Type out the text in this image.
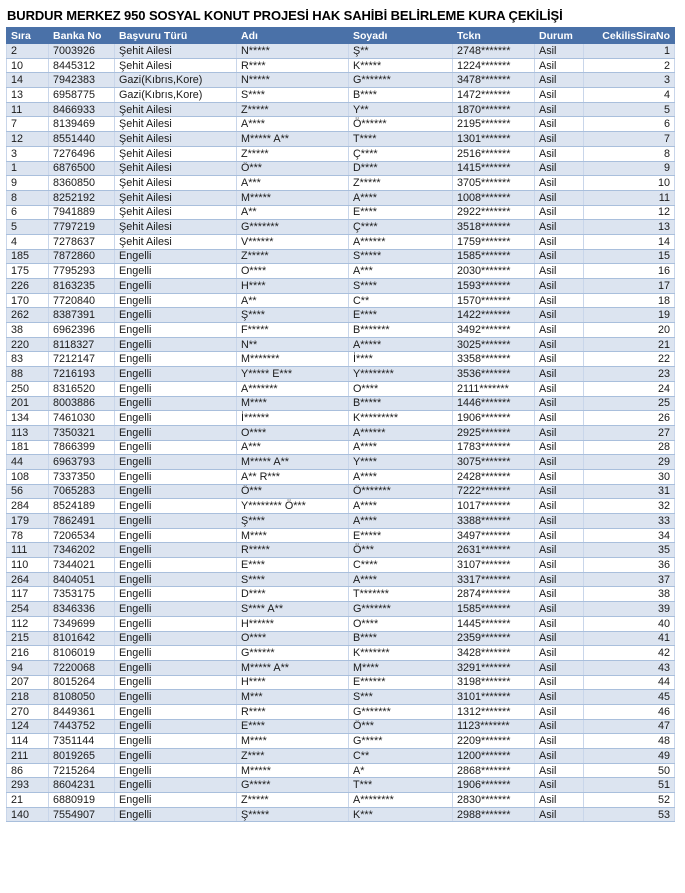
BURDUR MERKEZ 950 SOSYAL KONUT PROJESİ HAK SAHİBİ BELİRLEME KURA ÇEKİLİŞİ
Sıra	Banka No	Başvuru Türü	Adı	Soyadı	Tckn	Durum	CekilisSiraNo
2	7003926	Şehit Ailesi	N*****	Ş**	2748*******	Asil	1
10	8445312	Şehit Ailesi	R****	K*****	1224*******	Asil	2
14	7942383	Gazi(Kıbrıs,Kore)	N*****	G*******	3478*******	Asil	3
13	6958775	Gazi(Kıbrıs,Kore)	S****	B****	1472*******	Asil	4
11	8466933	Şehit Ailesi	Z*****	Y**	1870*******	Asil	5
7	8139469	Şehit Ailesi	A****	Ö******	2195*******	Asil	6
12	8551440	Şehit Ailesi	M***** A**	T****	1301*******	Asil	7
3	7276496	Şehit Ailesi	Z*****	Ç****	2516*******	Asil	8
1	6876500	Şehit Ailesi	Ö***	D****	1415*******	Asil	9
9	8360850	Şehit Ailesi	A***	Z*****	3705*******	Asil	10
8	8252192	Şehit Ailesi	M*****	A****	1008*******	Asil	11
6	7941889	Şehit Ailesi	A**	E****	2922*******	Asil	12
5	7797219	Şehit Ailesi	G*******	Ç****	3518*******	Asil	13
4	7278637	Şehit Ailesi	V******	A******	1759*******	Asil	14
185	7872860	Engelli	Z*****	S*****	1585*******	Asil	15
175	7795293	Engelli	O****	A***	2030*******	Asil	16
226	8163235	Engelli	H****	S****	1593*******	Asil	17
170	7720840	Engelli	A**	C**	1570*******	Asil	18
262	8387391	Engelli	Ş****	E****	1422*******	Asil	19
38	6962396	Engelli	F*****	B*******	3492*******	Asil	20
220	8118327	Engelli	N**	A*****	3025*******	Asil	21
83	7212147	Engelli	M*******	İ****	3358*******	Asil	22
88	7216193	Engelli	Y***** E***	Y********	3536*******	Asil	23
250	8316520	Engelli	A*******	O****	2111*******	Asil	24
201	8003886	Engelli	M****	B*****	1446*******	Asil	25
134	7461030	Engelli	İ******	K*********	1906*******	Asil	26
113	7350321	Engelli	O****	A******	2925*******	Asil	27
181	7866399	Engelli	A***	A****	1783*******	Asil	28
44	6963793	Engelli	M***** A**	Y****	3075*******	Asil	29
108	7337350	Engelli	A** R***	A****	2428*******	Asil	30
56	7065283	Engelli	Ö***	Ö*******	7222*******	Asil	31
284	8524189	Engelli	Y******** Ö***	A****	1017*******	Asil	32
179	7862491	Engelli	Ş****	A****	3388*******	Asil	33
78	7206534	Engelli	M****	E*****	3497*******	Asil	34
111	7346202	Engelli	R*****	Ö***	2631*******	Asil	35
110	7344021	Engelli	E****	C****	3107*******	Asil	36
264	8404051	Engelli	S****	A****	3317*******	Asil	37
117	7353175	Engelli	D****	T*******	2874*******	Asil	38
254	8346336	Engelli	S**** A**	G*******	1585*******	Asil	39
112	7349699	Engelli	H******	O****	1445*******	Asil	40
215	8101642	Engelli	O****	B****	2359*******	Asil	41
216	8106019	Engelli	G******	K*******	3428*******	Asil	42
94	7220068	Engelli	M***** A**	M****	3291*******	Asil	43
207	8015264	Engelli	H****	E******	3198*******	Asil	44
218	8108050	Engelli	M***	S***	3101*******	Asil	45
270	8449361	Engelli	R****	G*******	1312*******	Asil	46
124	7443752	Engelli	E****	Ö***	1123*******	Asil	47
114	7351144	Engelli	M****	G*****	2209*******	Asil	48
211	8019265	Engelli	Z****	C**	1200*******	Asil	49
86	7215264	Engelli	M*****	A*	2868*******	Asil	50
293	8604231	Engelli	G*****	T***	1906*******	Asil	51
21	6880919	Engelli	Z*****	A********	2830*******	Asil	52
140	7554907	Engelli	Ş*****	K***	2988*******	Asil	53
